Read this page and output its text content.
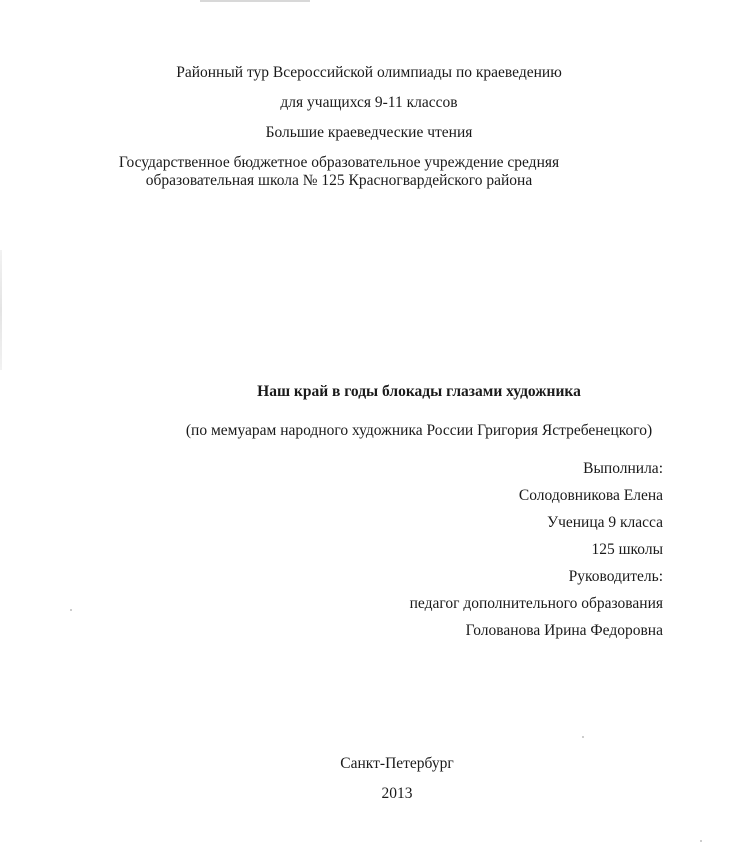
Районный тур Всероссийской олимпиады по краеведению
для учащихся 9-11 классов
Большие краеведческие чтения
Государственное бюджетное образовательное учреждение средняя
образовательная школа № 125 Красногвардейского района
Наш край в годы блокады глазами художника
(по мемуарам народного художника России Григория Ястребенецкого)
Выполнила:
Солодовникова Елена
Ученица 9 класса
125 школы
Руководитель:
педагог дополнительного образования
Голованова Ирина Федоровна
Санкт-Петербург
2013
